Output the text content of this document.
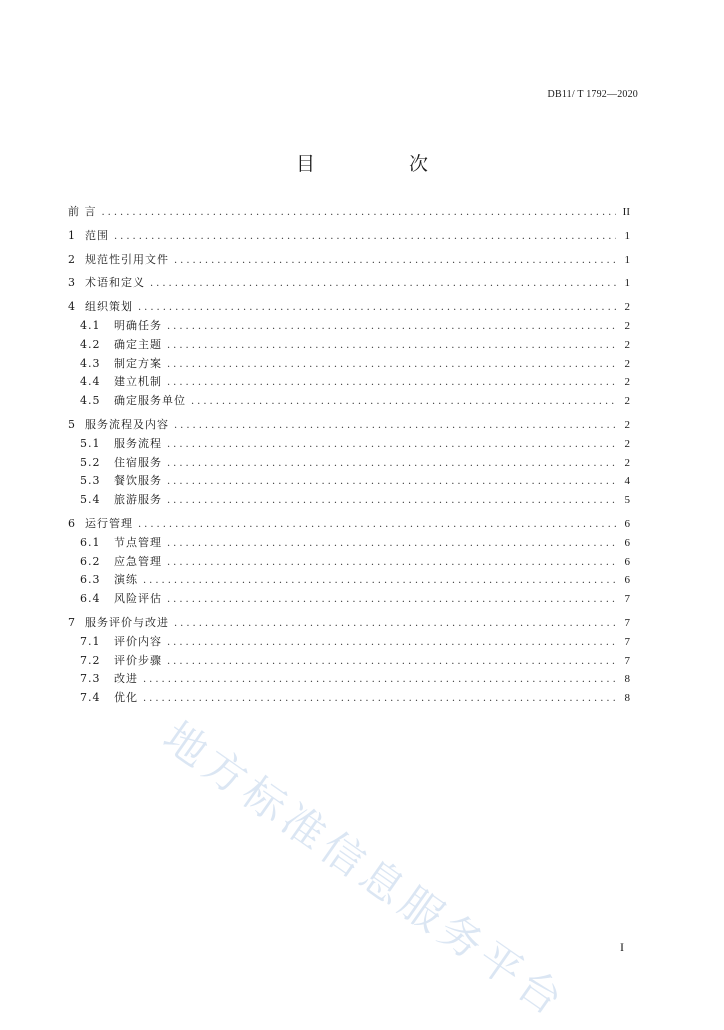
DB11/ T 1792—2020
目 次
前 言 .....	II
1 范围 .....	1
2 规范性引用文件 .....	1
3 术语和定义 .....	1
4 组织策划 .....	2
4.1	明确任务 .....	2
4.2	确定主题 .....	2
4.3	制定方案 .....	2
4.4	建立机制 .....	2
4.5	确定服务单位 .....	2
5 服务流程及内容 .....	2
5.1	服务流程 .....	2
5.2	住宿服务 .....	2
5.3	餐饮服务 .....	4
5.4	旅游服务 .....	5
6 运行管理 .....	6
6.1	节点管理 .....	6
6.2	应急管理 .....	6
6.3	演练 .....	6
6.4	风险评估 .....	7
7 服务评价与改进 .....	7
7.1	评价内容 .....	7
7.2	评价步骤 .....	7
7.3	改进 .....	8
7.4	优化 .....	8
地方标准信息服务平台	I
